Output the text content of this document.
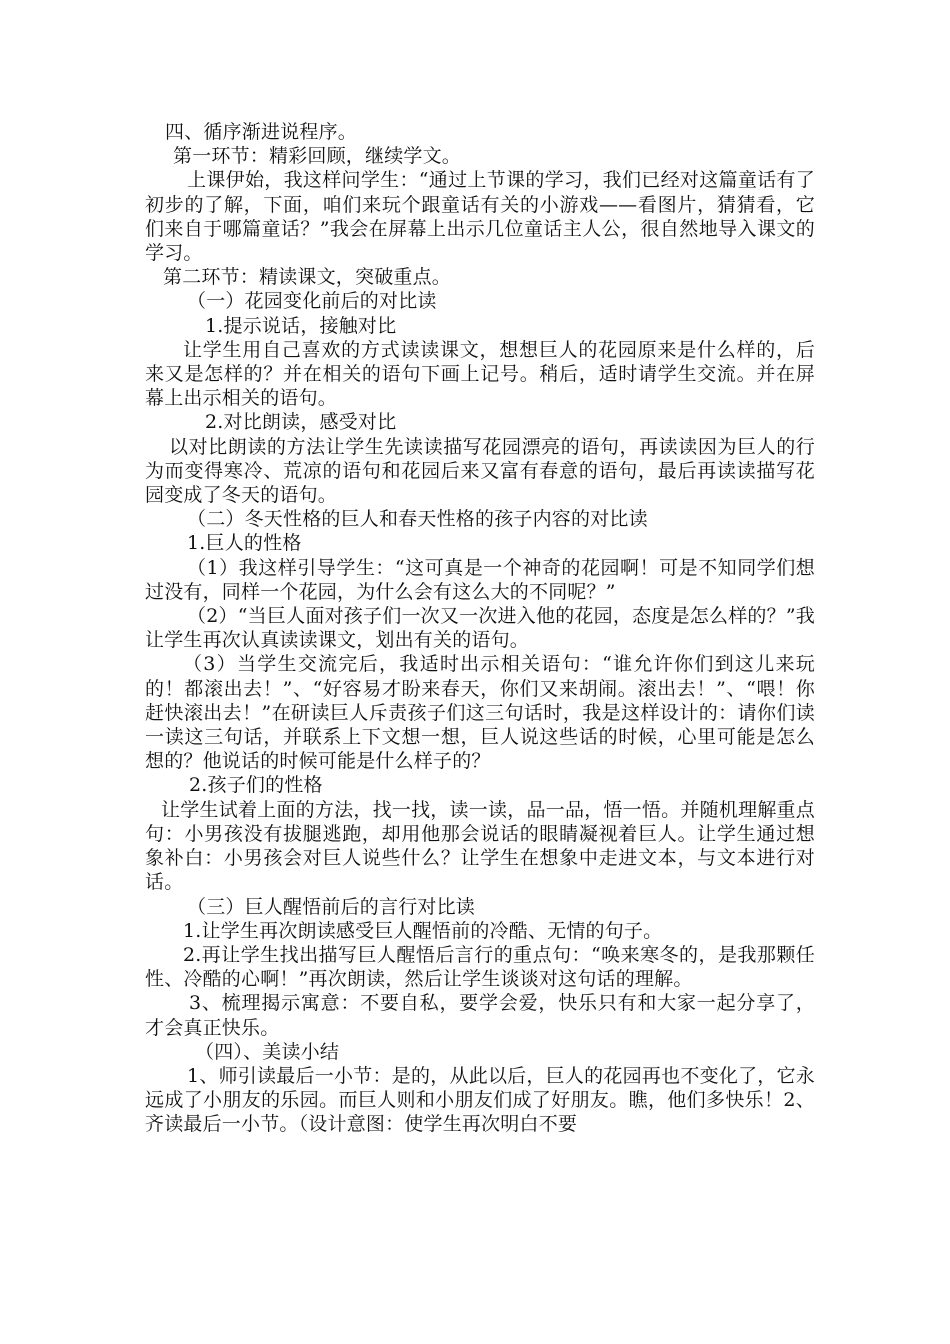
四、循序渐进说程序。

第一环节：精彩回顾，继续学文。

上课伊始，我这样问学生：“通过上节课的学习，我们已经对这篇童话有了初步的了解，下面，咱们来玩个跟童话有关的小游戏——看图片，猜猜看，它们来自于哪篇童话？”我会在屏幕上出示几位童话主人公，很自然地导入课文的学习。

第二环节：精读课文，突破重点。

（一）花园变化前后的对比读

1.提示说话，接触对比

让学生用自己喜欢的方式读读课文，想想巨人的花园原来是什么样的，后来又是怎样的？并在相关的语句下画上记号。稍后，适时请学生交流。并在屏幕上出示相关的语句。

2.对比朗读，感受对比

以对比朗读的方法让学生先读读描写花园漂亮的语句，再读读因为巨人的行为而变得寒冷、荒凉的语句和花园后来又富有春意的语句，最后再读读描写花园变成了冬天的语句。

（二）冬天性格的巨人和春天性格的孩子内容的对比读

1.巨人的性格

（1）我这样引导学生：“这可真是一个神奇的花园啊！可是不知同学们想过没有，同样一个花园，为什么会有这么大的不同呢？”

（2）“当巨人面对孩子们一次又一次进入他的花园，态度是怎么样的？”我让学生再次认真读读课文，划出有关的语句。

（3）当学生交流完后，我适时出示相关语句：“谁允许你们到这儿来玩的！都滚出去！”、“好容易才盼来春天，你们又来胡闹。滚出去！”、“喂！你赶快滚出去！”在研读巨人斥责孩子们这三句话时，我是这样设计的：请你们读一读这三句话，并联系上下文想一想，巨人说这些话的时候，心里可能是怎么想的？他说话的时候可能是什么样子的？

2.孩子们的性格

让学生试着上面的方法，找一找，读一读，品一品，悟一悟。并随机理解重点句：小男孩没有拔腿逃跑，却用他那会说话的眼睛凝视着巨人。让学生通过想象补白：小男孩会对巨人说些什么？让学生在想象中走进文本，与文本进行对话。

（三）巨人醒悟前后的言行对比读

1.让学生再次朗读感受巨人醒悟前的冷酷、无情的句子。

2.再让学生找出描写巨人醒悟后言行的重点句：“唤来寒冬的，是我那颗任性、冷酷的心啊！”再次朗读，然后让学生谈谈对这句话的理解。

3、梳理揭示寓意：不要自私，要学会爱，快乐只有和大家一起分享了，才会真正快乐。

（四）、美读小结

1、师引读最后一小节：是的，从此以后，巨人的花园再也不变化了，它永远成了小朋友的乐园。而巨人则和小朋友们成了好朋友。瞧，他们多快乐！2、齐读最后一小节。（设计意图：使学生再次明白不要
